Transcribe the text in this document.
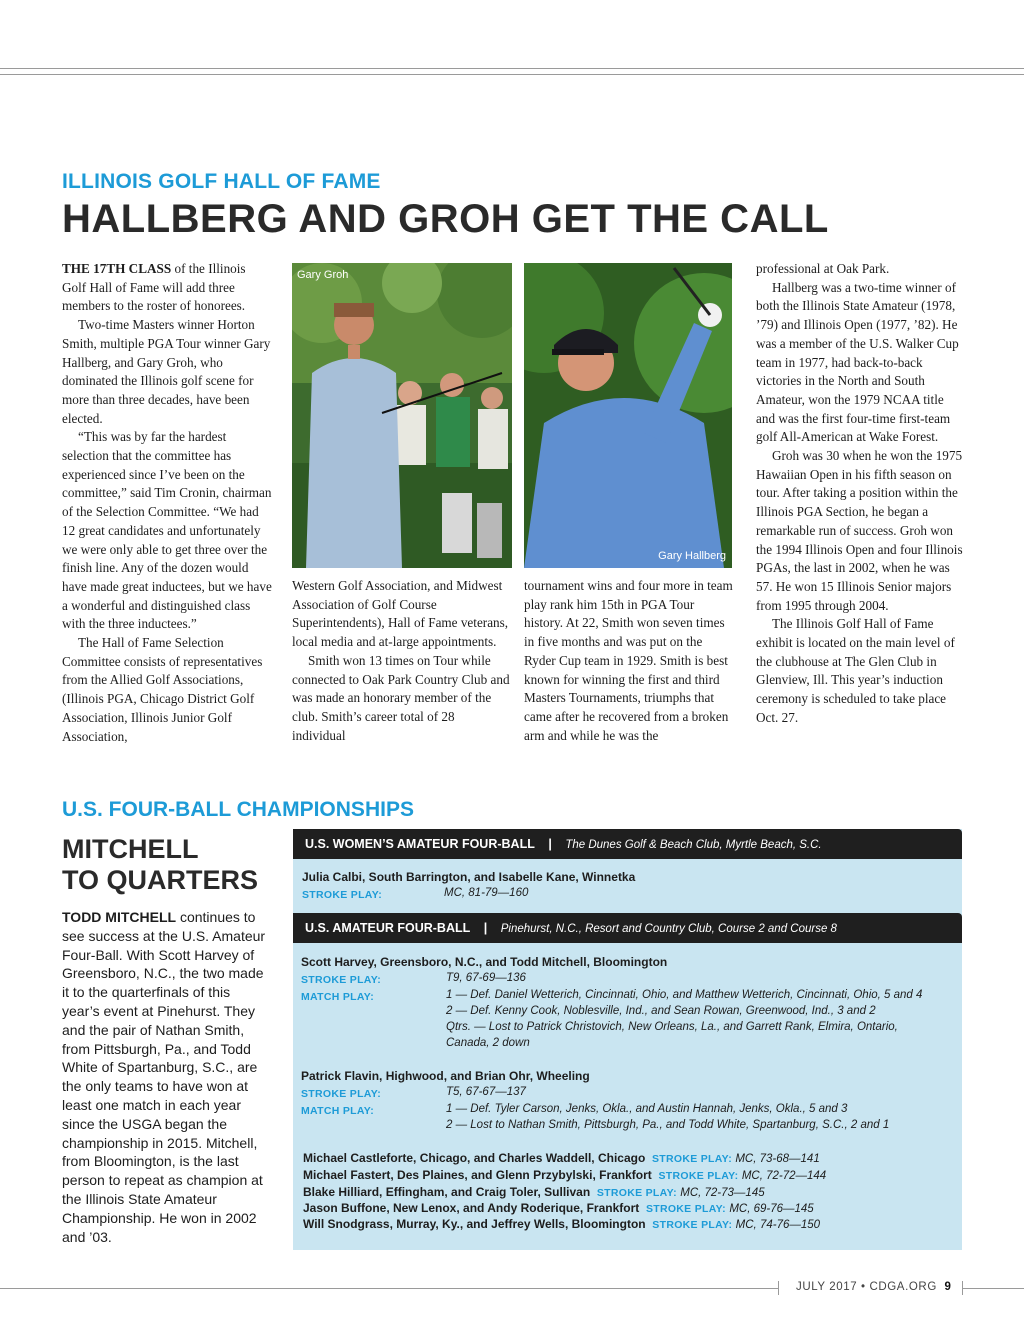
ILLINOIS GOLF HALL OF FAME
HALLBERG AND GROH GET THE CALL

THE 17TH CLASS of the Illinois Golf Hall of Fame will add three members to the roster of honorees.

Two-time Masters winner Horton Smith, multiple PGA Tour winner Gary Hallberg, and Gary Groh, who dominated the Illinois golf scene for more than three decades, have been elected.

“This was by far the hardest selection that the committee has experienced since I’ve been on the committee,” said Tim Cronin, chairman of the Selection Committee. “We had 12 great candidates and unfortunately we were only able to get three over the finish line. Any of the dozen would have made great inductees, but we have a wonderful and distinguished class with the three inductees.”

The Hall of Fame Selection Committee consists of representatives from the Allied Golf Associations, (Illinois PGA, Chicago District Golf Association, Illinois Junior Golf Association,

Gary Groh

Western Golf Association, and Midwest Association of Golf Course Superintendents), Hall of Fame veterans, local media and at-large appointments.

Smith won 13 times on Tour while connected to Oak Park Country Club and was made an honorary member of the club. Smith’s career total of 28 individual

Gary Hallberg

tournament wins and four more in team play rank him 15th in PGA Tour history. At 22, Smith won seven times in five months and was put on the Ryder Cup team in 1929. Smith is best known for winning the first and third Masters Tournaments, triumphs that came after he recovered from a broken arm and while he was the

professional at Oak Park.

Hallberg was a two-time winner of both the Illinois State Amateur (1978, ’79) and Illinois Open (1977, ’82). He was a member of the U.S. Walker Cup team in 1977, had back-to-back victories in the North and South Amateur, won the 1979 NCAA title and was the first four-time first-team golf All-American at Wake Forest.

Groh was 30 when he won the 1975 Hawaiian Open in his fifth season on tour. After taking a position within the Illinois PGA Section, he began a remarkable run of success. Groh won the 1994 Illinois Open and four Illinois PGAs, the last in 2002, when he was 57. He won 15 Illinois Senior majors from 1995 through 2004.

The Illinois Golf Hall of Fame exhibit is located on the main level of the clubhouse at The Glen Club in Glenview, Ill. This year’s induction ceremony is scheduled to take place Oct. 27.

U.S. FOUR-BALL CHAMPIONSHIPS
MITCHELL
TO QUARTERS
TODD MITCHELL continues to see success at the U.S. Amateur Four-Ball. With Scott Harvey of Greensboro, N.C., the two made it to the quarterfinals of this year’s event at Pinehurst. They and the pair of Nathan Smith, from Pittsburgh, Pa., and Todd White of Spartanburg, S.C., are the only teams to have won at least one match in each year since the USGA began the championship in 2015. Mitchell, from Bloomington, is the last person to repeat as champion at the Illinois State Amateur Championship. He won in 2002 and ’03.
U.S. WOMEN’S AMATEUR FOUR-BALL | The Dunes Golf & Beach Club, Myrtle Beach, S.C.
Julia Calbi, South Barrington, and Isabelle Kane, Winnetka
STROKE PLAY:	MC, 81-79—160
U.S. AMATEUR FOUR-BALL | Pinehurst, N.C., Resort and Country Club, Course 2 and Course 8
Scott Harvey, Greensboro, N.C., and Todd Mitchell, Bloomington
STROKE PLAY:	T9, 67-69—136
MATCH PLAY:	1 — Def. Daniel Wetterich, Cincinnati, Ohio, and Matthew Wetterich, Cincinnati, Ohio, 5 and 4
2 — Def. Kenny Cook, Noblesville, Ind., and Sean Rowan, Greenwood, Ind., 3 and 2
Qtrs. — Lost to Patrick Christovich, New Orleans, La., and Garrett Rank, Elmira, Ontario,
Canada, 2 down
Patrick Flavin, Highwood, and Brian Ohr, Wheeling
STROKE PLAY:	T5, 67-67—137
MATCH PLAY:	1 — Def. Tyler Carson, Jenks, Okla., and Austin Hannah, Jenks, Okla., 5 and 3
2 — Lost to Nathan Smith, Pittsburgh, Pa., and Todd White, Spartanburg, S.C., 2 and 1
Michael Castleforte, Chicago, and Charles Waddell, Chicago STROKE PLAY: MC, 73-68—141
Michael Fastert, Des Plaines, and Glenn Przybylski, Frankfort STROKE PLAY: MC, 72-72—144
Blake Hilliard, Effingham, and Craig Toler, Sullivan STROKE PLAY: MC, 72-73—145
Jason Buffone, New Lenox, and Andy Roderique, Frankfort STROKE PLAY: MC, 69-76—145
Will Snodgrass, Murray, Ky., and Jeffrey Wells, Bloomington STROKE PLAY: MC, 74-76—150
JULY 2017 • CDGA.ORG 9
